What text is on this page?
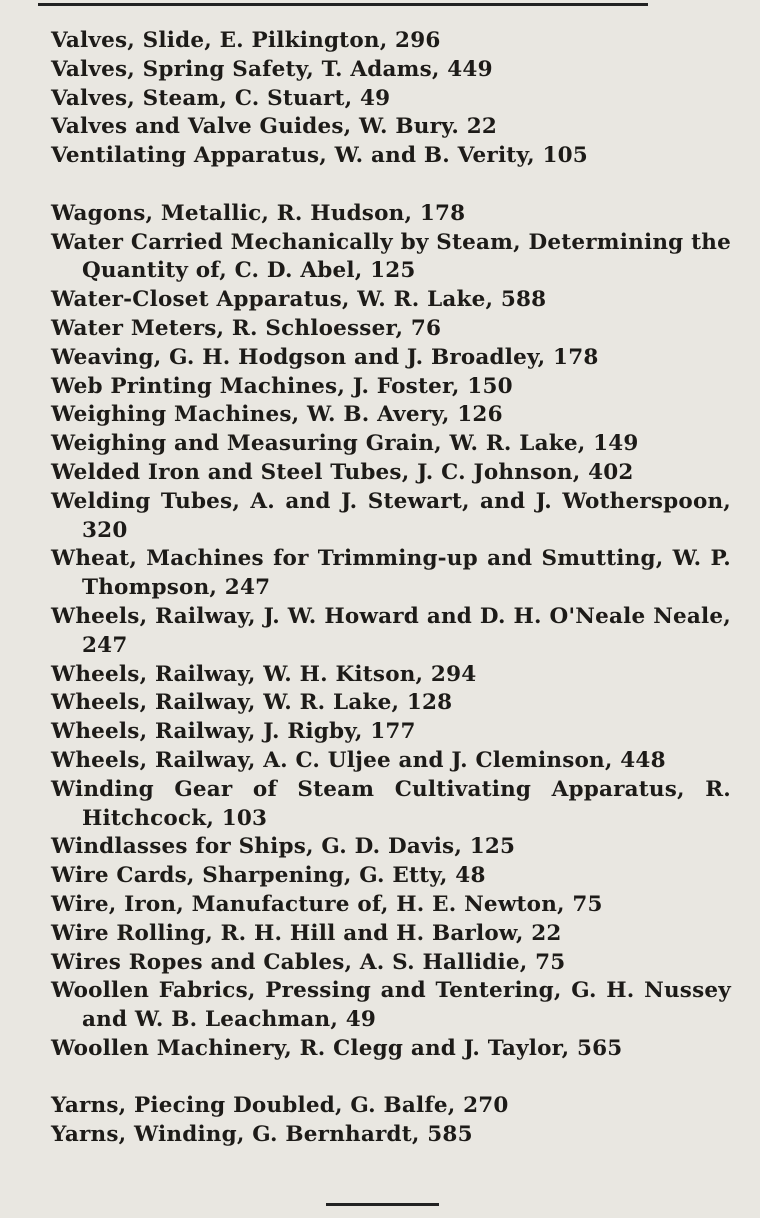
Valves, Slide, E. Pilkington, 296
Valves, Spring Safety, T. Adams, 449
Valves, Steam, C. Stuart, 49
Valves and Valve Guides, W. Bury. 22
Ventilating Apparatus, W. and B. Verity, 105
Wagons, Metallic, R. Hudson, 178
Water Carried Mechanically by Steam, Determining the Quantity of, C. D. Abel, 125
Water-Closet Apparatus, W. R. Lake, 588
Water Meters, R. Schloesser, 76
Weaving, G. H. Hodgson and J. Broadley, 178
Web Printing Machines, J. Foster, 150
Weighing Machines, W. B. Avery, 126
Weighing and Measuring Grain, W. R. Lake, 149
Welded Iron and Steel Tubes, J. C. Johnson, 402
Welding Tubes, A. and J. Stewart, and J. Wotherspoon, 320
Wheat, Machines for Trimming-up and Smutting, W. P. Thompson, 247
Wheels, Railway, J. W. Howard and D. H. O'Neale Neale, 247
Wheels, Railway, W. H. Kitson, 294
Wheels, Railway, W. R. Lake, 128
Wheels, Railway, J. Rigby, 177
Wheels, Railway, A. C. Uljee and J. Cleminson, 448
Winding Gear of Steam Cultivating Apparatus, R. Hitchcock, 103
Windlasses for Ships, G. D. Davis, 125
Wire Cards, Sharpening, G. Etty, 48
Wire, Iron, Manufacture of, H. E. Newton, 75
Wire Rolling, R. H. Hill and H. Barlow, 22
Wires Ropes and Cables, A. S. Hallidie, 75
Woollen Fabrics, Pressing and Tentering, G. H. Nussey and W. B. Leachman, 49
Woollen Machinery, R. Clegg and J. Taylor, 565
Yarns, Piecing Doubled, G. Balfe, 270
Yarns, Winding, G. Bernhardt, 585
